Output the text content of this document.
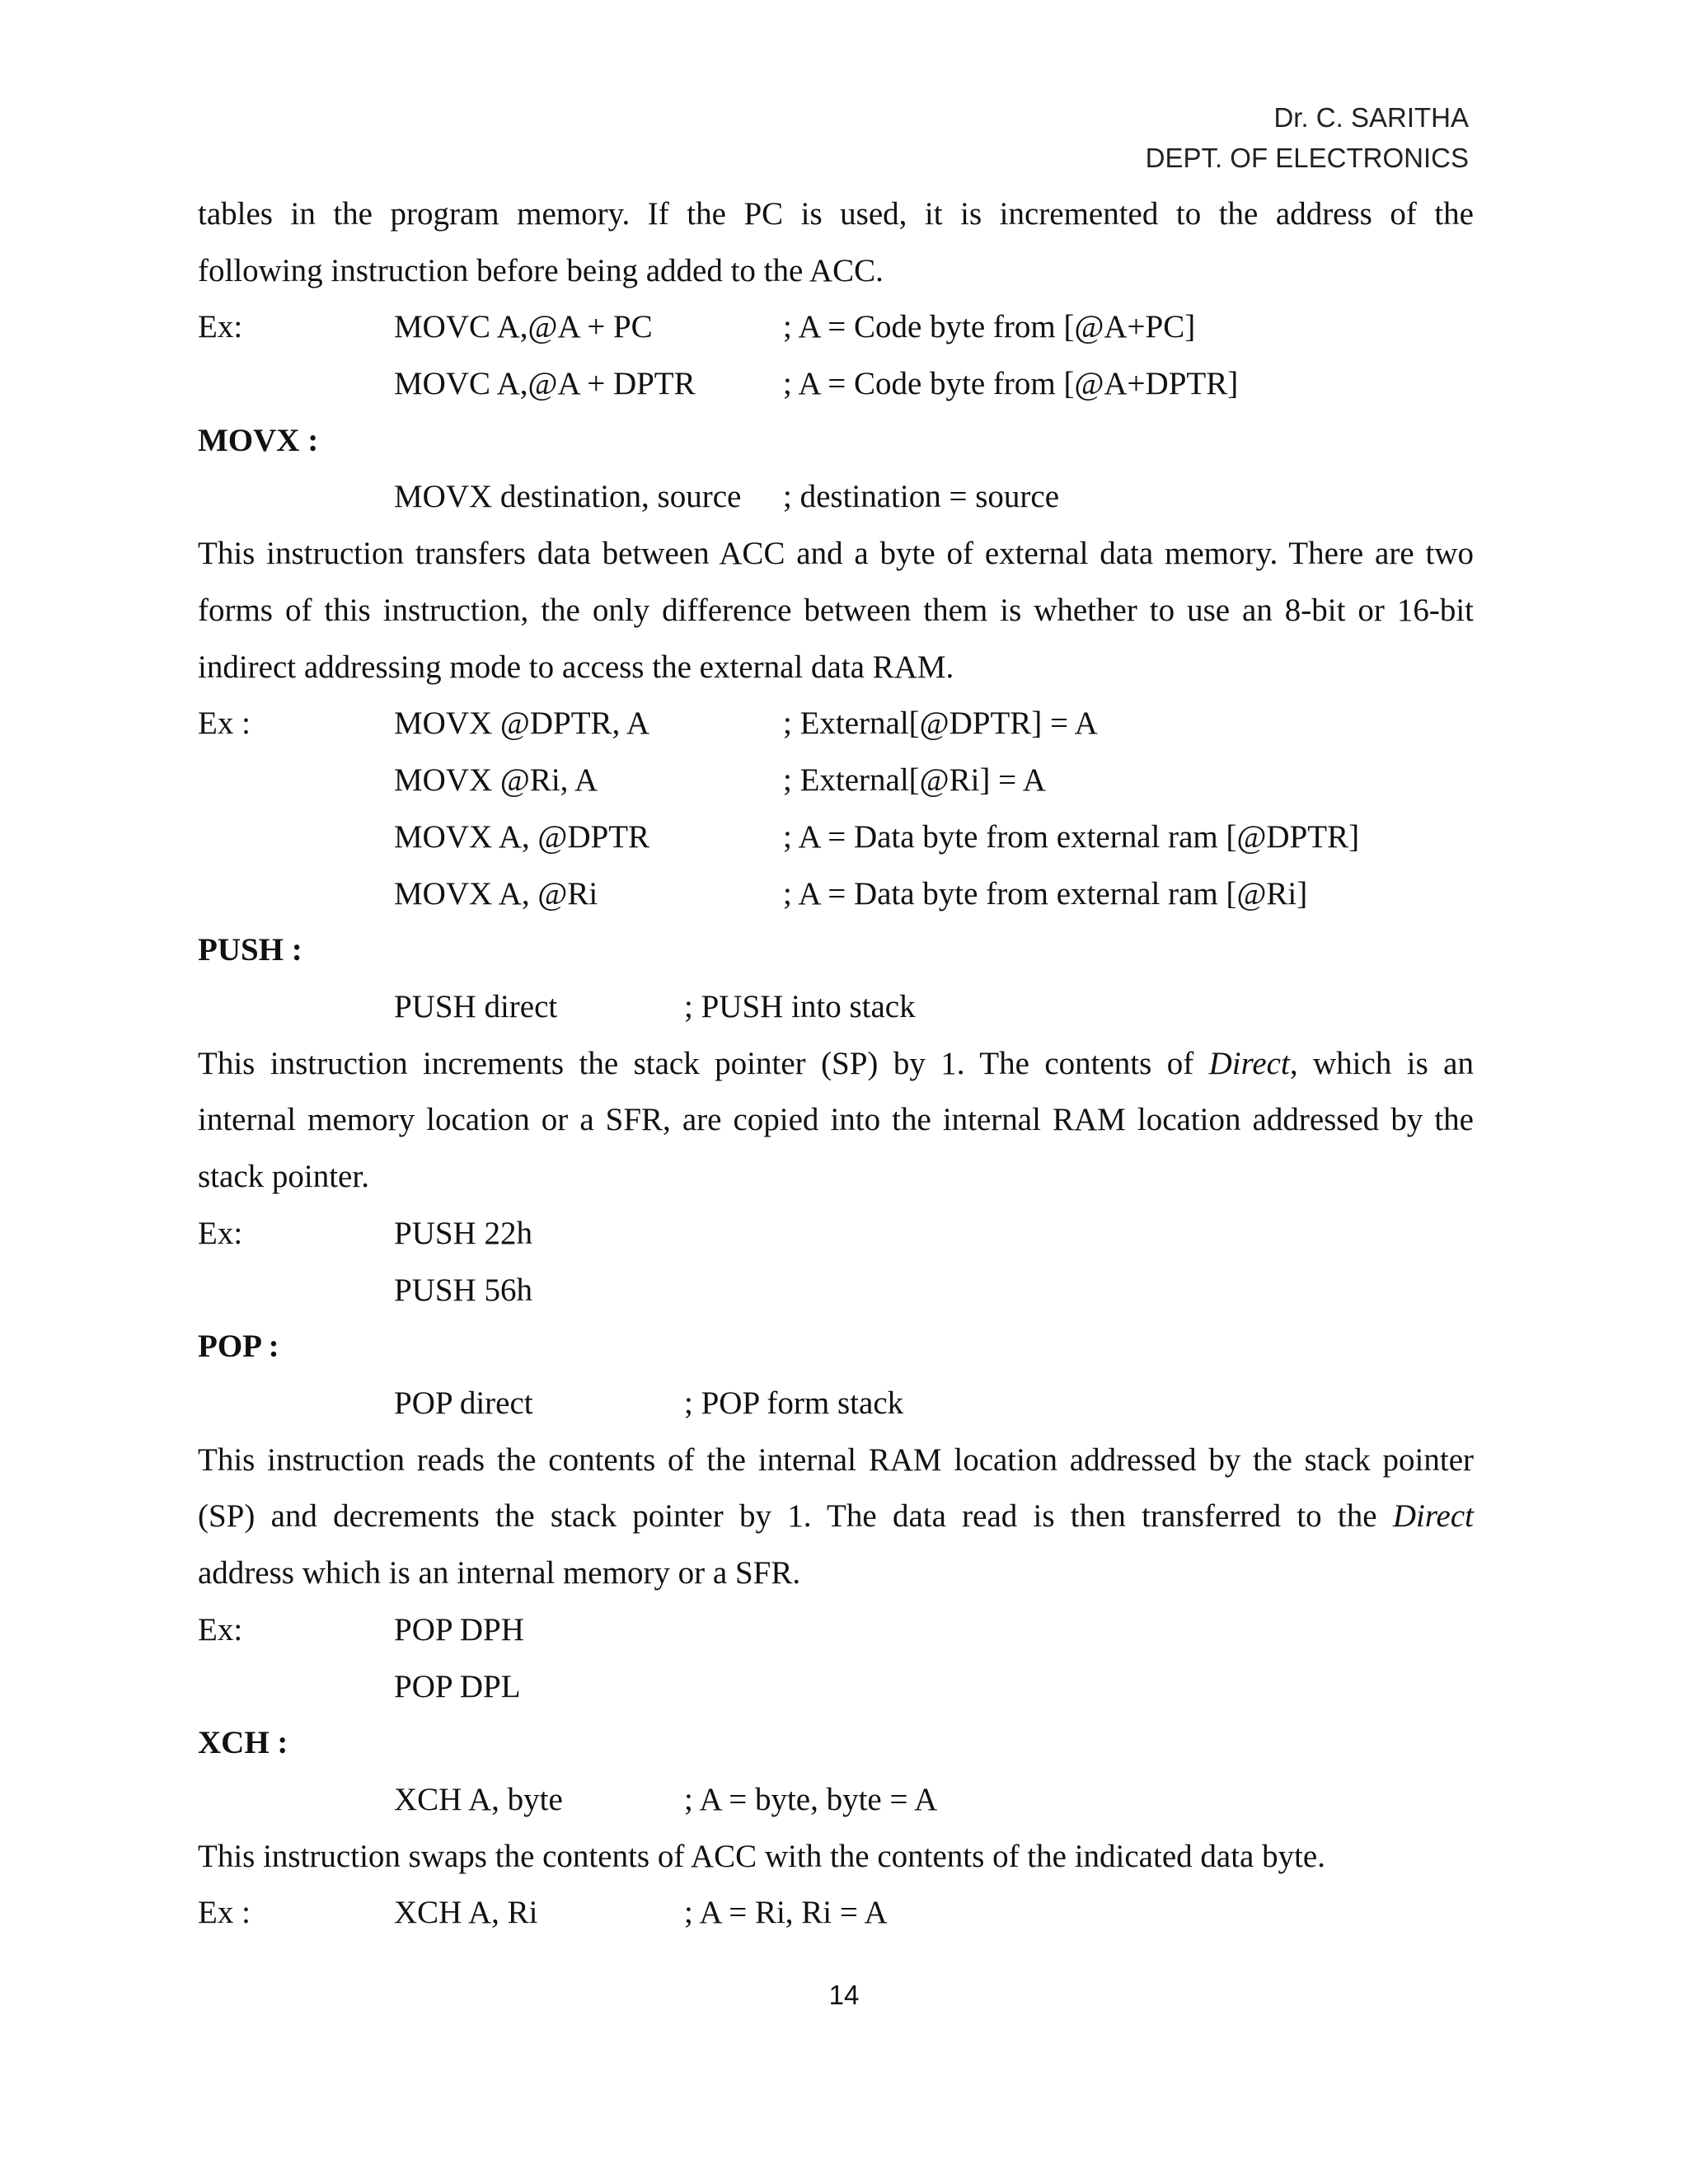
Dr. C. SARITHA
DEPT. OF ELECTRONICS
tables in the program memory. If the PC is used, it is incremented to the address of the
following instruction before being added to the ACC.
Ex:	MOVC A,@A + PC	; A = Code byte from [@A+PC]
MOVC A,@A + DPTR	; A = Code byte from [@A+DPTR]
MOVX :
MOVX destination, source ; destination = source
This instruction transfers data between ACC and a byte of external data memory. There are two
forms of this instruction, the only difference between them is whether to use an 8-bit or 16-bit
indirect addressing mode to access the external data RAM.
Ex :	MOVX @DPTR, A	; External[@DPTR] = A
MOVX @Ri, A	; External[@Ri] = A
MOVX A, @DPTR	; A = Data byte from external ram [@DPTR]
MOVX A, @Ri	; A = Data byte from external ram [@Ri]
PUSH :
PUSH direct	; PUSH into stack
This instruction increments the stack pointer (SP) by 1. The contents of Direct, which is an
internal memory location or a SFR, are copied into the internal RAM location addressed by the
stack pointer.
Ex:	PUSH 22h
PUSH 56h
POP :
POP direct	; POP form stack
This instruction reads the contents of the internal RAM location addressed by the stack pointer
(SP) and decrements the stack pointer by 1. The data read is then transferred to the Direct
address which is an internal memory or a SFR.
Ex:	POP DPH
POP DPL
XCH :
XCH A, byte	; A = byte, byte = A
This instruction swaps the contents of ACC with the contents of the indicated data byte.
Ex :	XCH A, Ri	; A = Ri, Ri = A
14
